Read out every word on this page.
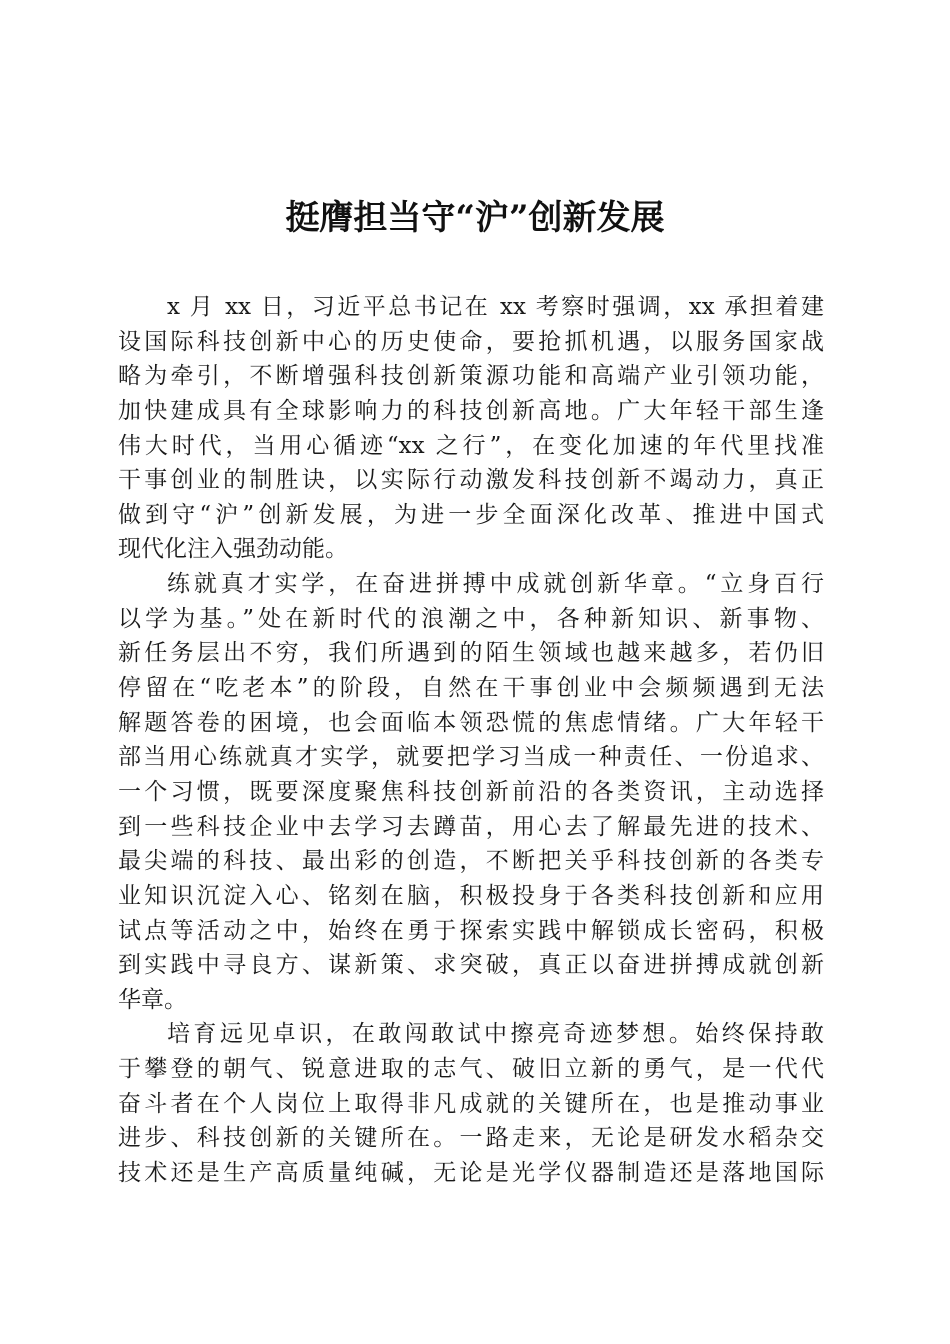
挺膺担当守“沪”创新发展
x 月 xx 日，习近平总书记在 xx 考察时强调，xx 承担着建
设国际科技创新中心的历史使命，要抢抓机遇，以服务国家战
略为牵引，不断增强科技创新策源功能和高端产业引领功能，
加快建成具有全球影响力的科技创新高地。广大年轻干部生逢
伟大时代，当用心循迹“xx 之行”，在变化加速的年代里找准
干事创业的制胜诀，以实际行动激发科技创新不竭动力，真正
做到守“沪”创新发展，为进一步全面深化改革、推进中国式
现代化注入强劲动能。
练就真才实学，在奋进拼搏中成就创新华章。“立身百行
以学为基。”处在新时代的浪潮之中，各种新知识、新事物、
新任务层出不穷，我们所遇到的陌生领域也越来越多，若仍旧
停留在“吃老本”的阶段，自然在干事创业中会频频遇到无法
解题答卷的困境，也会面临本领恐慌的焦虑情绪。广大年轻干
部当用心练就真才实学，就要把学习当成一种责任、一份追求、
一个习惯，既要深度聚焦科技创新前沿的各类资讯，主动选择
到一些科技企业中去学习去蹲苗，用心去了解最先进的技术、
最尖端的科技、最出彩的创造，不断把关乎科技创新的各类专
业知识沉淀入心、铭刻在脑，积极投身于各类科技创新和应用
试点等活动之中，始终在勇于探索实践中解锁成长密码，积极
到实践中寻良方、谋新策、求突破，真正以奋进拼搏成就创新
华章。
培育远见卓识，在敢闯敢试中擦亮奇迹梦想。始终保持敢
于攀登的朝气、锐意进取的志气、破旧立新的勇气，是一代代
奋斗者在个人岗位上取得非凡成就的关键所在，也是推动事业
进步、科技创新的关键所在。一路走来，无论是研发水稻杂交
技术还是生产高质量纯碱，无论是光学仪器制造还是落地国际
